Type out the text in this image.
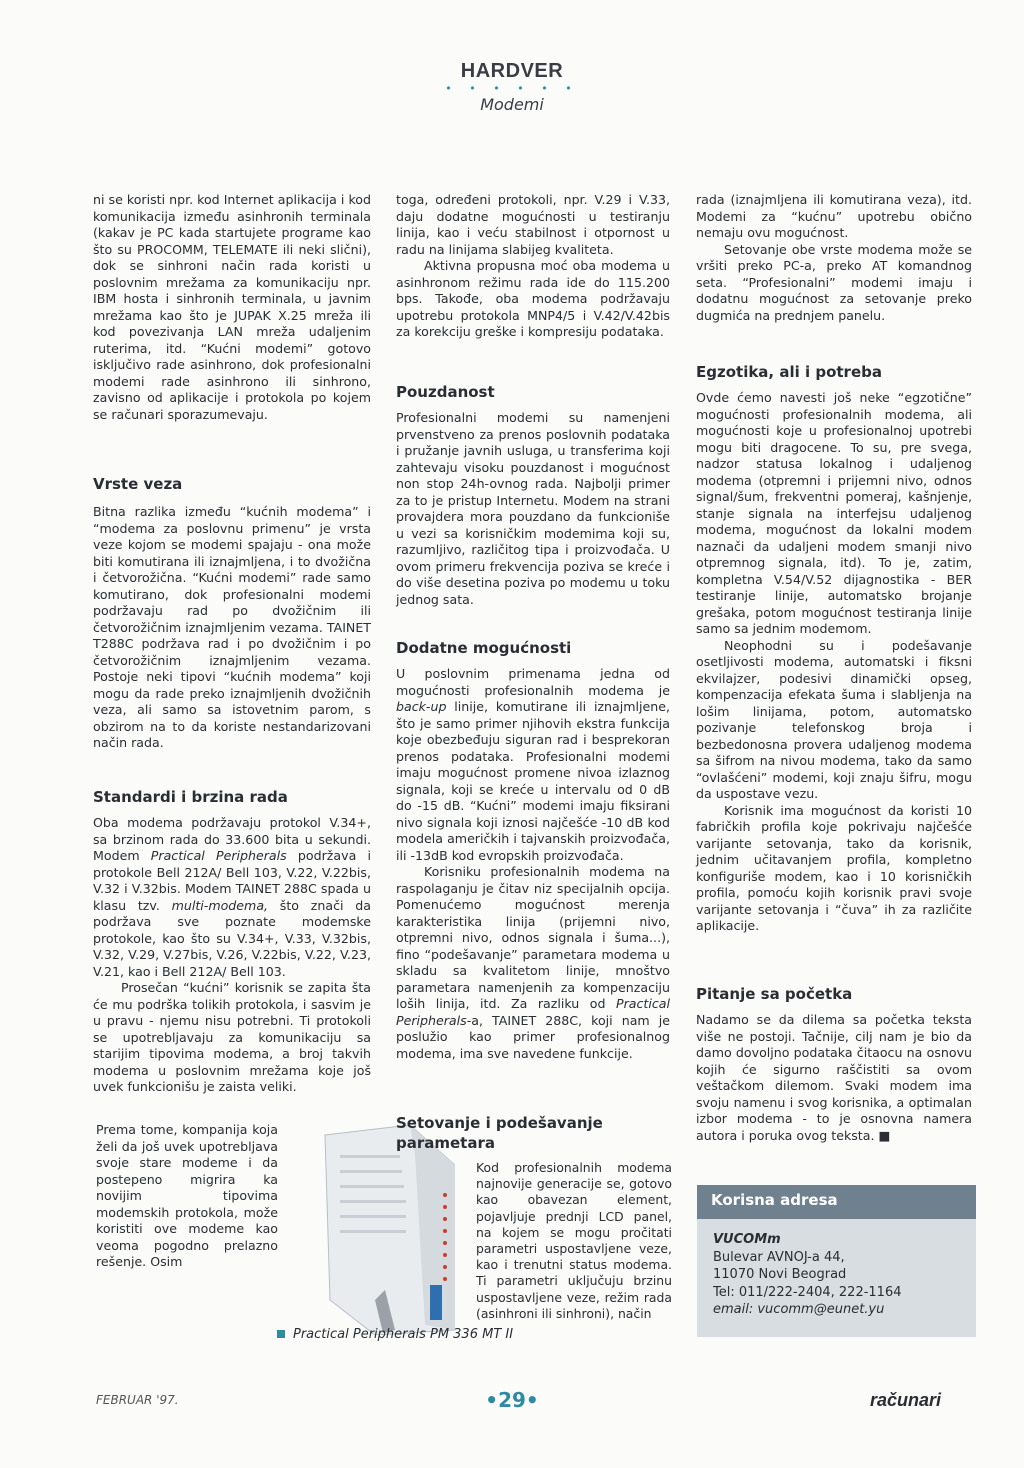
HARDVER
• • • • • •
Modemi

ni se koristi npr. kod Internet aplikacija i kod komunikacija između asinhronih terminala (kakav je PC kada startujete programe kao što su PROCOMM, TELEMATE ili neki slični), dok se sinhroni način rada koristi u poslovnim mrežama za komunikaciju npr. IBM hosta i sinhronih terminala, u javnim mrežama kao što je JUPAK X.25 mreža ili kod povezivanja LAN mreža udaljenim ruterima, itd. “Kućni modemi” gotovo isključivo rade asinhrono, dok profesionalni modemi rade asinhrono ili sinhrono, zavisno od aplikacije i protokola po kojem se računari sporazumevaju.

Vrste veza

Bitna razlika između “kućnih modema” i “modema za poslovnu primenu” je vrsta veze kojom se modemi spajaju - ona može biti komutirana ili iznajmljena, i to dvožična i četvorožična. “Kućni modemi” rade samo komutirano, dok profesionalni modemi podržavaju rad po dvožičnim ili četvorožičnim iznajmljenim vezama. TAINET T288C podržava rad i po dvožičnim i po četvorožičnim iznajmljenim vezama. Postoje neki tipovi “kućnih modema” koji mogu da rade preko iznajmljenih dvožičnih veza, ali samo sa istovetnim parom, s obzirom na to da koriste nestandarizovani način rada.

Standardi i brzina rada

Oba modema podržavaju protokol V.34+, sa brzinom rada do 33.600 bita u sekundi. Modem Practical Peripherals podržava i protokole Bell 212A/ Bell 103, V.22, V.22bis, V.32 i V.32bis. Modem TAINET 288C spada u klasu tzv. multi-modema, što znači da podržava sve poznate modemske protokole, kao što su V.34+, V.33, V.32bis, V.32, V.29, V.27bis, V.26, V.22bis, V.22, V.23, V.21, kao i Bell 212A/ Bell 103.

Prosečan “kućni” korisnik se zapita šta će mu podrška tolikih protokola, i sasvim je u pravu - njemu nisu potrebni. Ti protokoli se upotrebljavaju za komunikaciju sa starijim tipovima modema, a broj takvih modema u poslovnim mrežama koje još uvek funkcionišu je zaista veliki.

Prema tome, kompanija koja želi da još uvek upotrebljava svoje stare modeme i da postepeno migrira ka novijim tipovima modemskih protokola, može koristiti ove modeme kao veoma pogodno prelazno rešenje. Osim

Practical Peripherals PM 336 MT II

toga, određeni protokoli, npr. V.29 i V.33, daju dodatne mogućnosti u testiranju linija, kao i veću stabilnost i otpornost u radu na linijama slabijeg kvaliteta.

Aktivna propusna moć oba modema u asinhronom režimu rada ide do 115.200 bps. Takođe, oba modema podržavaju upotrebu protokola MNP4/5 i V.42/V.42bis za korekciju greške i kompresiju podataka.

Pouzdanost

Profesionalni modemi su namenjeni prvenstveno za prenos poslovnih podataka i pružanje javnih usluga, u transferima koji zahtevaju visoku pouzdanost i mogućnost non stop 24h-ovnog rada. Najbolji primer za to je pristup Internetu. Modem na strani provajdera mora pouzdano da funkcioniše u vezi sa korisničkim modemima koji su, razumljivo, različitog tipa i proizvođača. U ovom primeru frekvencija poziva se kreće i do više desetina poziva po modemu u toku jednog sata.

Dodatne mogućnosti

U poslovnim primenama jedna od mogućnosti profesionalnih modema je back-up linije, komutirane ili iznajmljene, što je samo primer njihovih ekstra funkcija koje obezbeđuju siguran rad i besprekoran prenos podataka. Profesionalni modemi imaju mogućnost promene nivoa izlaznog signala, koji se kreće u intervalu od 0 dB do -15 dB. “Kućni” modemi imaju fiksirani nivo signala koji iznosi najčešće -10 dB kod modela američkih i tajvanskih proizvođača, ili -13dB kod evropskih proizvođača.

Korisniku profesionalnih modema na raspolaganju je čitav niz specijalnih opcija. Pomenućemo mogućnost merenja karakteristika linija (prijemni nivo, otpremni nivo, odnos signala i šuma...), fino “podešavanje” parametara modema u skladu sa kvalitetom linije, mnoštvo parametara namenjenih za kompenzaciju loših linija, itd. Za razliku od Practical Peripherals-a, TAINET 288C, koji nam je poslužio kao primer profesionalnog modema, ima sve navedene funkcije.

Setovanje i podešavanje parametara

Kod profesionalnih modema najnovije generacije se, gotovo kao obavezan element, pojavljuje prednji LCD panel, na kojem se mogu pročitati parametri uspostavljene veze, kao i trenutni status modema. Ti parametri uključuju brzinu uspostavljene veze, režim rada (asinhroni ili sinhroni), način

rada (iznajmljena ili komutirana veza), itd. Modemi za “kućnu” upotrebu obično nemaju ovu mogućnost.

Setovanje obe vrste modema može se vršiti preko PC-a, preko AT komandnog seta. “Profesionalni” modemi imaju i dodatnu mogućnost za setovanje preko dugmića na prednjem panelu.

Egzotika, ali i potreba

Ovde ćemo navesti još neke “egzotične” mogućnosti profesionalnih modema, ali mogućnosti koje u profesionalnoj upotrebi mogu biti dragocene. To su, pre svega, nadzor statusa lokalnog i udaljenog modema (otpremni i prijemni nivo, odnos signal/šum, frekventni pomeraj, kašnjenje, stanje signala na interfejsu udaljenog modema, mogućnost da lokalni modem naznači da udaljeni modem smanji nivo otpremnog signala, itd). To je, zatim, kompletna V.54/V.52 dijagnostika - BER testiranje linije, automatsko brojanje grešaka, potom mogućnost testiranja linije samo sa jednim modemom.

Neophodni su i podešavanje osetljivosti modema, automatski i fiksni ekvilajzer, podesivi dinamički opseg, kompenzacija efekata šuma i slabljenja na lošim linijama, potom, automatsko pozivanje telefonskog broja i bezbedonosna provera udaljenog modema sa šifrom na nivou modema, tako da samo “ovlašćeni” modemi, koji znaju šifru, mogu da uspostave vezu.

Korisnik ima mogućnost da koristi 10 fabričkih profila koje pokrivaju najčešće varijante setovanja, tako da korisnik, jednim učitavanjem profila, kompletno konfiguriše modem, kao i 10 korisničkih profila, pomoću kojih korisnik pravi svoje varijante setovanja i “čuva” ih za različite aplikacije.

Pitanje sa početka

Nadamo se da dilema sa početka teksta više ne postoji. Tačnije, cilj nam je bio da damo dovoljno podataka čitaocu na osnovu kojih će sigurno raščistiti sa ovom veštačkom dilemom. Svaki modem ima svoju namenu i svog korisnika, a optimalan izbor modema - to je osnovna namera autora i poruka ovog teksta. ■

Korisna adresa
VUCOMm
Bulevar AVNOJ-a 44,
11070 Novi Beograd
Tel: 011/222-2404, 222-1164
email: vucomm@eunet.yu
FEBRUAR '97.	•29•	računari
